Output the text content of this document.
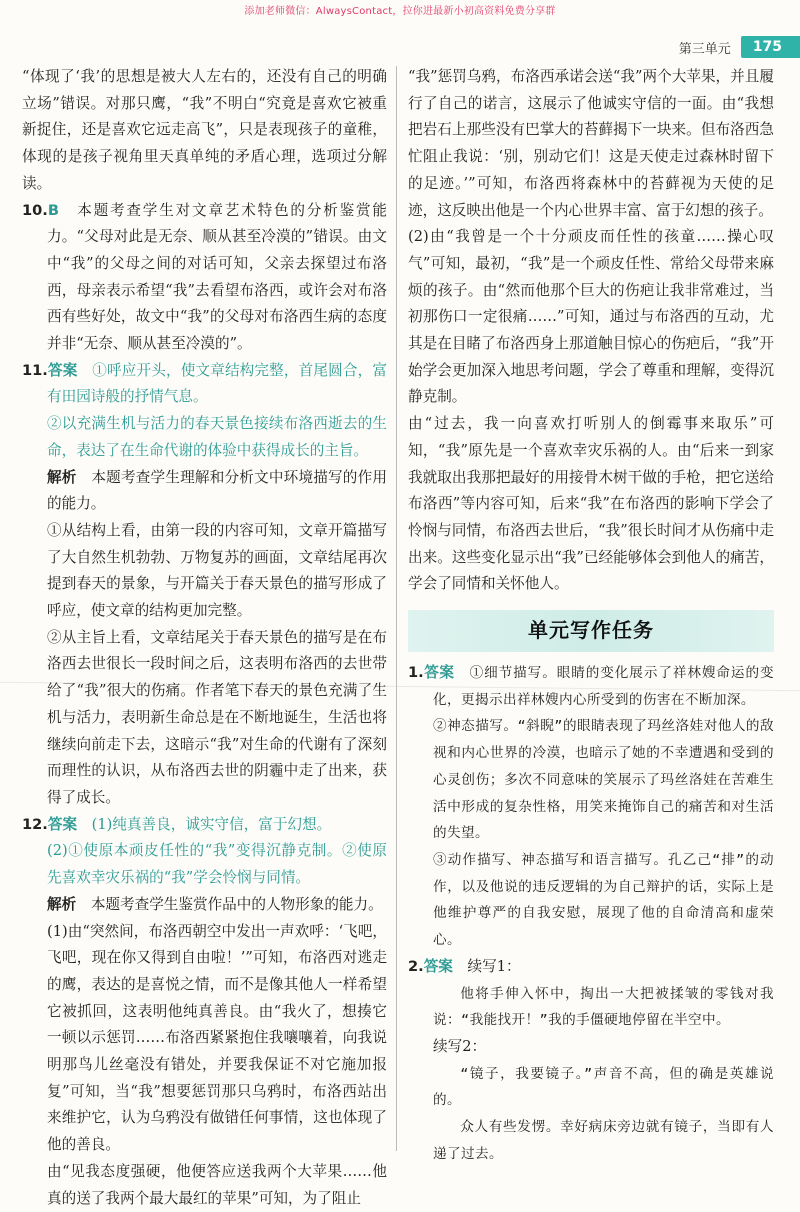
添加老师微信：AlwaysContact，拉你进最新小初高资料免费分享群
第三单元	175

“体现了‘我’的思想是被大人左右的，还没有自己的明确立场”错误。对那只鹰，“我”不明白“究竟是喜欢它被重新捉住，还是喜欢它远走高飞”，只是表现孩子的童稚，体现的是孩子视角里天真单纯的矛盾心理，选项过分解读。

10.B　 本题考查学生对文章艺术特色的分析鉴赏能力。“父母对此是无奈、顺从甚至冷漠的”错误。由文中“我”的父母之间的对话可知，父亲去探望过布洛西，母亲表示希望“我”去看望布洛西，或许会对布洛西有些好处，故文中“我”的父母对布洛西生病的态度并非“无奈、顺从甚至冷漠的”。

11.答案　 ①呼应开头，使文章结构完整，首尾圆合，富有田园诗般的抒情气息。

②以充满生机与活力的春天景色接续布洛西逝去的生命，表达了在生命代谢的体验中获得成长的主旨。

解析　 本题考查学生理解和分析文中环境描写的作用的能力。

①从结构上看，由第一段的内容可知，文章开篇描写了大自然生机勃勃、万物复苏的画面，文章结尾再次提到春天的景象，与开篇关于春天景色的描写形成了呼应，使文章的结构更加完整。

②从主旨上看，文章结尾关于春天景色的描写是在布洛西去世很长一段时间之后，这表明布洛西的去世带给了“我”很大的伤痛。作者笔下春天的景色充满了生机与活力，表明新生命总是在不断地诞生，生活也将继续向前走下去，这暗示“我”对生命的代谢有了深刻而理性的认识，从布洛西去世的阴霾中走了出来，获得了成长。

12.答案　 (1)纯真善良，诚实守信，富于幻想。

(2)①使原本顽皮任性的“我”变得沉静克制。②使原先喜欢幸灾乐祸的“我”学会怜悯与同情。

解析　 本题考查学生鉴赏作品中的人物形象的能力。

(1)由“突然间，布洛西朝空中发出一声欢呼：‘飞吧，飞吧，现在你又得到自由啦！’”可知，布洛西对逃走的鹰，表达的是喜悦之情，而不是像其他人一样希望它被抓回，这表明他纯真善良。由“我火了，想揍它一顿以示惩罚……布洛西紧紧抱住我嚷嚷着，向我说明那鸟儿丝毫没有错处，并要我保证不对它施加报复”可知，当“我”想要惩罚那只乌鸦时，布洛西站出来维护它，认为乌鸦没有做错任何事情，这也体现了他的善良。

由“见我态度强硬，他便答应送我两个大苹果……他真的送了我两个最大最红的苹果”可知，为了阻止

“我”惩罚乌鸦，布洛西承诺会送“我”两个大苹果，并且履行了自己的诺言，这展示了他诚实守信的一面。由“我想把岩石上那些没有巴掌大的苔藓揭下一块来。但布洛西急忙阻止我说：‘别，别动它们！这是天使走过森林时留下的足迹。’”可知，布洛西将森林中的苔藓视为天使的足迹，这反映出他是一个内心世界丰富、富于幻想的孩子。

(2)由“我曾是一个十分顽皮而任性的孩童……操心叹气”可知，最初，“我”是一个顽皮任性、常给父母带来麻烦的孩子。由“然而他那个巨大的伤疤让我非常难过，当初那伤口一定很痛……”可知，通过与布洛西的互动，尤其是在目睹了布洛西身上那道触目惊心的伤疤后，“我”开始学会更加深入地思考问题，学会了尊重和理解，变得沉静克制。

由“过去，我一向喜欢打听别人的倒霉事来取乐”可知，“我”原先是一个喜欢幸灾乐祸的人。由“后来一到家我就取出我那把最好的用接骨木树干做的手枪，把它送给布洛西”等内容可知，后来“我”在布洛西的影响下学会了怜悯与同情，布洛西去世后，“我”很长时间才从伤痛中走出来。这些变化显示出“我”已经能够体会到他人的痛苦，学会了同情和关怀他人。

单元写作任务

1.答案　 ①细节描写。眼睛的变化展示了祥林嫂命运的变化，更揭示出祥林嫂内心所受到的伤害在不断加深。

②神态描写。“斜睨”的眼睛表现了玛丝洛娃对他人的敌视和内心世界的冷漠，也暗示了她的不幸遭遇和受到的心灵创伤；多次不同意味的笑展示了玛丝洛娃在苦难生活中形成的复杂性格，用笑来掩饰自己的痛苦和对生活的失望。

③动作描写、神态描写和语言描写。孔乙己“排”的动作，以及他说的违反逻辑的为自己辩护的话，实际上是他维护尊严的自我安慰，展现了他的自命清高和虚荣心。

2.答案　 续写1：

他将手伸入怀中，掏出一大把被揉皱的零钱对我说：“我能找开！”我的手僵硬地停留在半空中。

续写2：

“镜子，我要镜子。”声音不高，但的确是英雄说的。

众人有些发愣。幸好病床旁边就有镜子，当即有人递了过去。
